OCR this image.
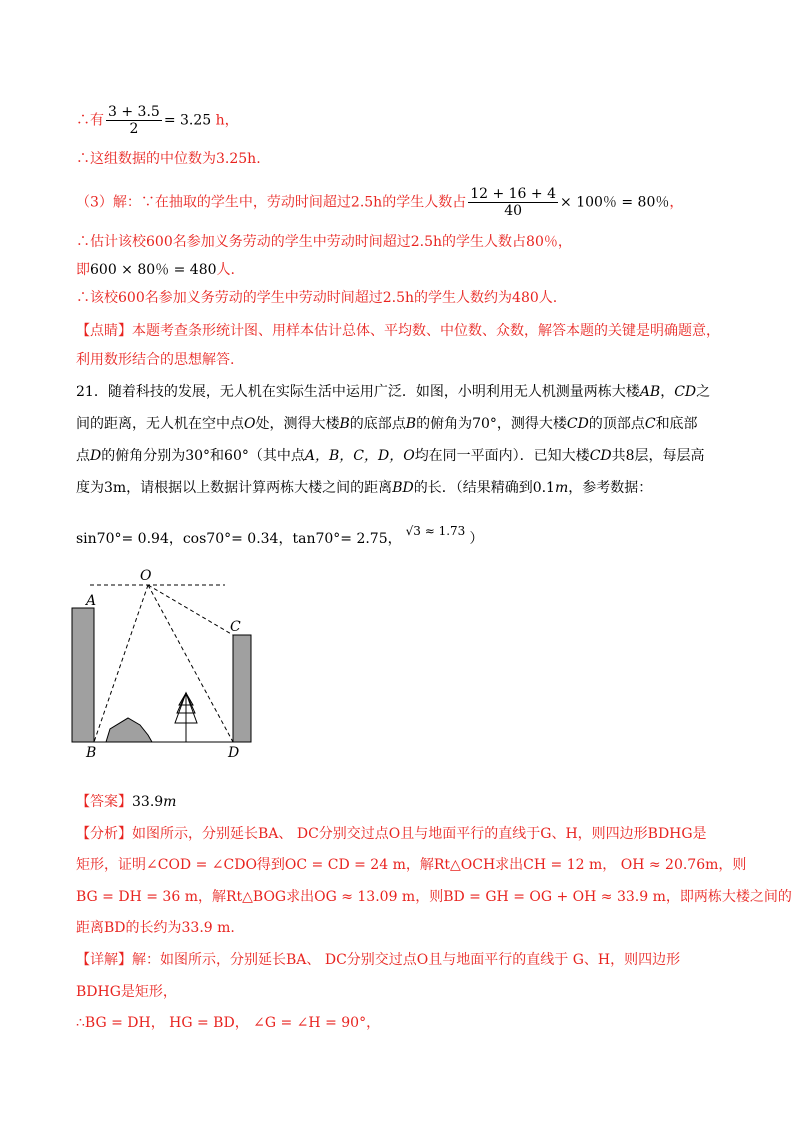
∴有 $\frac{3 + 3.5}{2} = 3.25$ h，
∴这组数据的中位数为3.25h.
（3）解：∵在抽取的学生中，劳动时间超过2.5h的学生人数占 $\frac{12 + 16 + 4}{40} \times 100$％ = 80％，
∴估计该校600名参加义务劳动的学生中劳动时间超过2.5h的学生人数占80％，
即600 × 80％ = 480人.
∴该校600名参加义务劳动的学生中劳动时间超过2.5h的学生人数约为480人.
【点睛】本题考查条形统计图、用样本估计总体、平均数、中位数、众数，解答本题的关键是明确题意，
利用数形结合的思想解答.
21．随着科技的发展，无人机在实际生活中运用广泛．如图，小明利用无人机测量两栋大楼AB，CD之
间的距离，无人机在空中点O处，测得大楼B的底部点B的俯角为70°，测得大楼CD的顶部点C和底部
点D的俯角分别为30°和60°（其中点A，B，C，D，O均在同一平面内）．已知大楼CD共8层，每层高
度为3m，请根据以上数据计算两栋大楼之间的距离BD的长．（结果精确到0.1m，参考数据：
sin70°= 0.94，cos70°= 0.34，tan70°= 2.75， √3 ≈ 1.73 ）
O
A
C
B	D
【答案】33.9m
【分析】如图所示，分别延长BA、 DC分别交过点O且与地面平行的直线于G、H，则四边形BDHG是
矩形，证明∠COD = ∠CDO得到OC = CD = 24 m，解Rt△OCH求出CH = 12 m， OH ≈ 20.76m，则
BG = DH = 36 m，解Rt△BOG求出OG ≈ 13.09 m，则BD = GH = OG + OH ≈ 33.9 m，即两栋大楼之间的
距离BD的长约为33.9 m.
【详解】解：如图所示，分别延长BA、 DC分别交过点O且与地面平行的直线于 G、H，则四边形
BDHG是矩形，
∴BG = DH， HG = BD， ∠G = ∠H = 90°，
